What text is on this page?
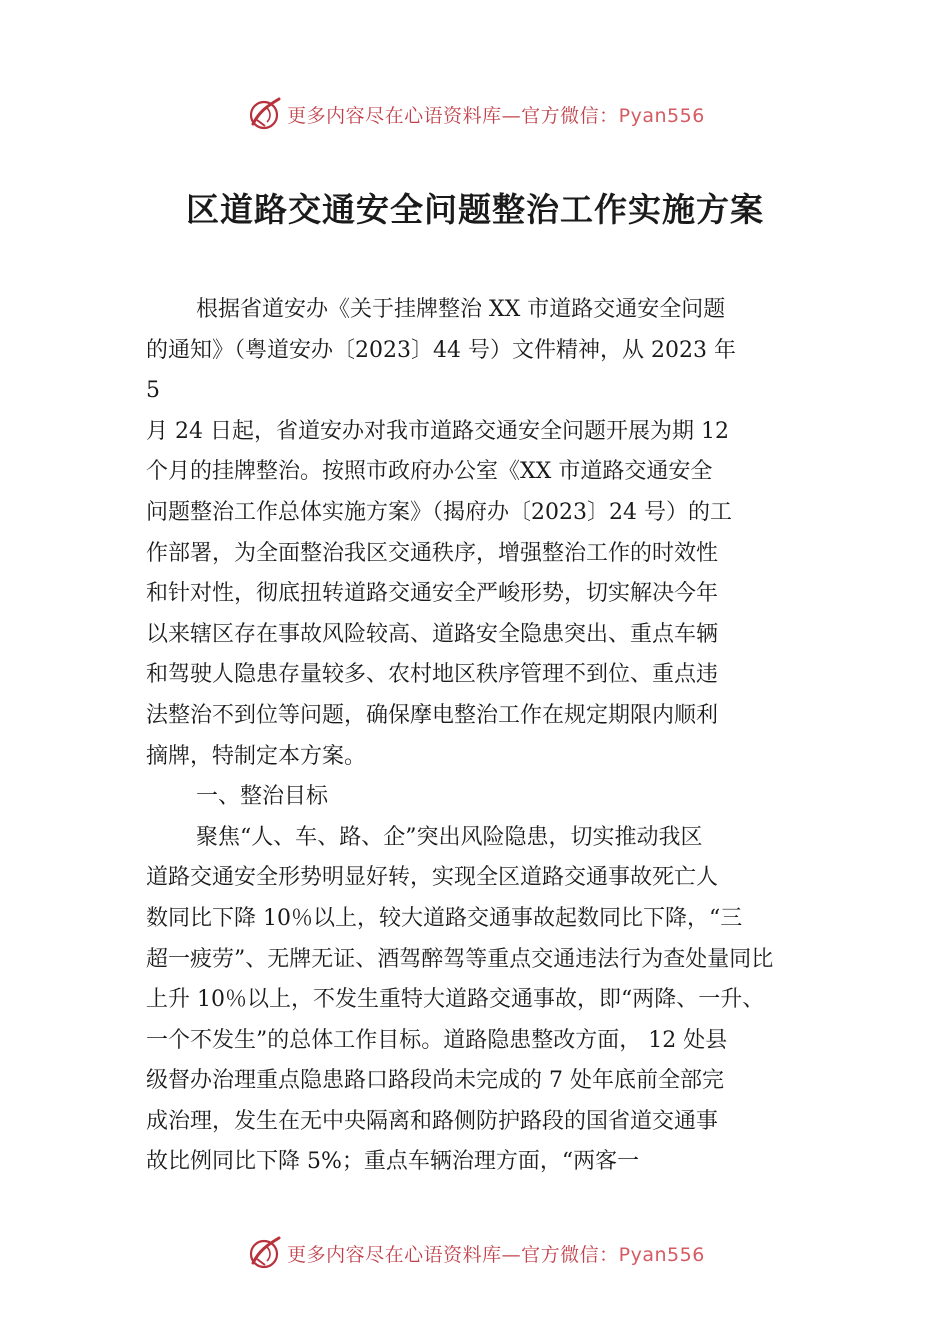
更多内容尽在心语资料库—官方微信：Pyan556
区道路交通安全问题整治工作实施方案

根据省道安办《关于挂牌整治 XX 市道路交通安全问题

的通知》（粤道安办〔2023〕44 号）文件精神，从 2023 年

5

月 24 日起，省道安办对我市道路交通安全问题开展为期 12

个月的挂牌整治。按照市政府办公室《XX 市道路交通安全

问题整治工作总体实施方案》（揭府办〔2023〕24 号）的工

作部署，为全面整治我区交通秩序，增强整治工作的时效性

和针对性，彻底扭转道路交通安全严峻形势，切实解决今年

以来辖区存在事故风险较高、道路安全隐患突出、重点车辆

和驾驶人隐患存量较多、农村地区秩序管理不到位、重点违

法整治不到位等问题，确保摩电整治工作在规定期限内顺利

摘牌，特制定本方案。

一、整治目标

聚焦“人、车、路、企”突出风险隐患，切实推动我区

道路交通安全形势明显好转，实现全区道路交通事故死亡人

数同比下降 10％以上，较大道路交通事故起数同比下降，“三

超一疲劳”、无牌无证、酒驾醉驾等重点交通违法行为查处量同比

上升 10％以上，不发生重特大道路交通事故，即“两降、一升、

一个不发生”的总体工作目标。道路隐患整改方面， 12 处县

级督办治理重点隐患路口路段尚未完成的 7 处年底前全部完

成治理，发生在无中央隔离和路侧防护路段的国省道交通事

故比例同比下降 5%；重点车辆治理方面，“两客一

更多内容尽在心语资料库—官方微信：Pyan556
